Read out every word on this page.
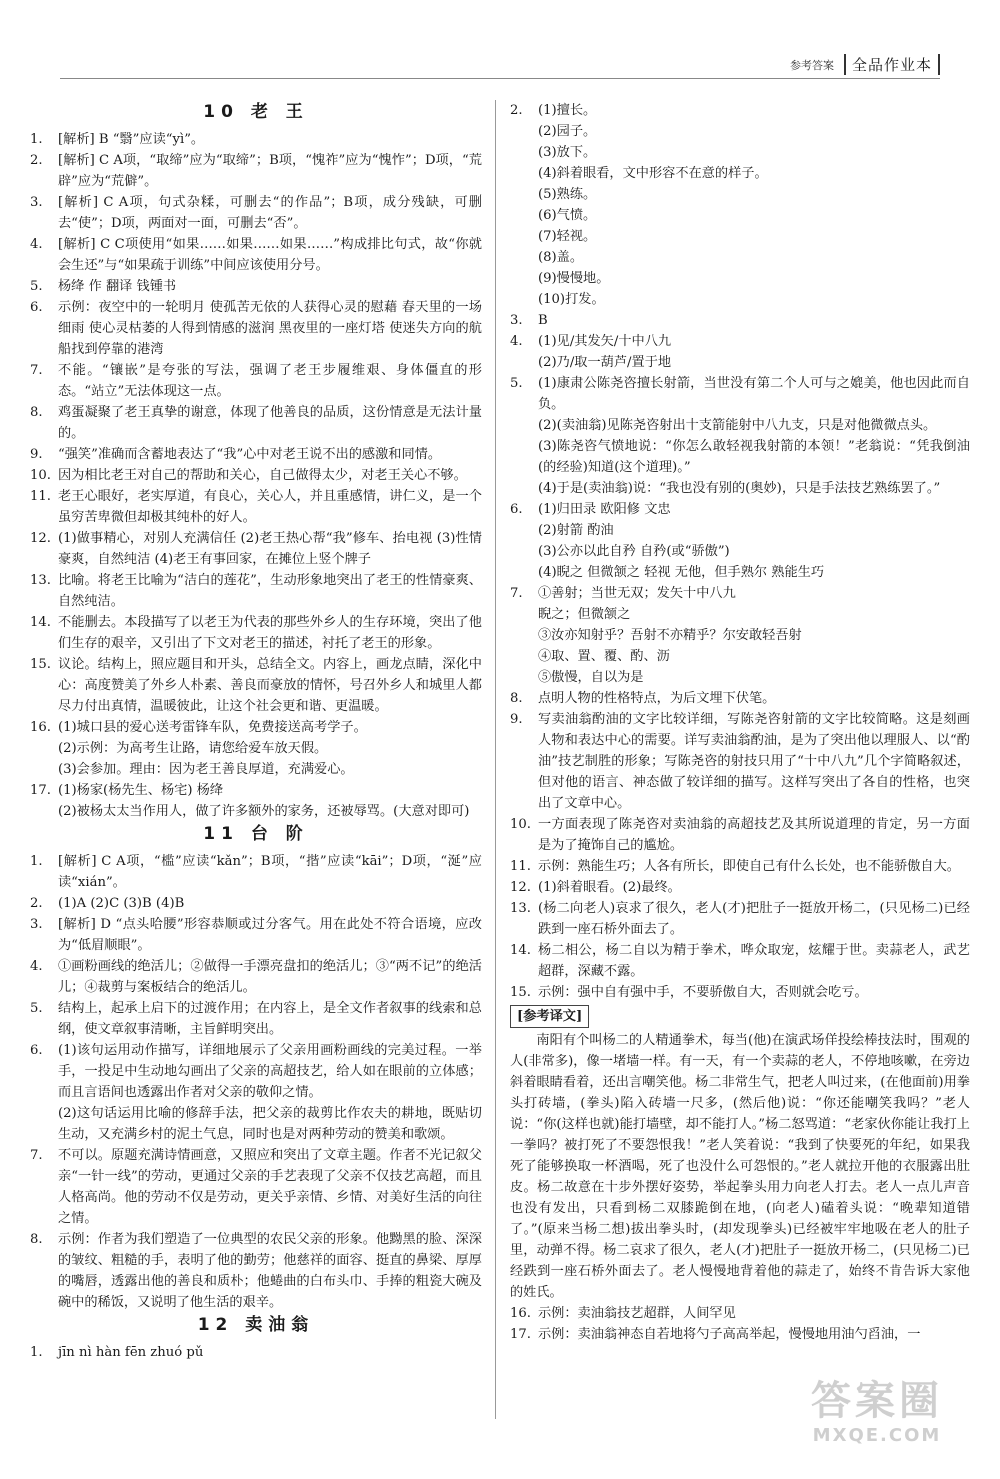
参考答案	全品作业本
10 老 王
1.	[解析] B “翳”应读“yì”。
2.	[解析] C A项，“取缔”应为“取缔”；B项，“愧祚”应为“愧怍”；D项，“荒辟”应为“荒僻”。
3.	[解析] C A项，句式杂糅，可删去“的作品”；B项，成分残缺，可删去“使”；D项，两面对一面，可删去“否”。
4.	[解析] C C项使用“如果……如果……如果……”构成排比句式，故“你就会生还”与“如果疏于训练”中间应该使用分号。
5.	杨绛 作 翻译 钱锺书
6.	示例：夜空中的一轮明月 使孤苦无依的人获得心灵的慰藉 春天里的一场细雨 使心灵枯萎的人得到情感的滋润 黑夜里的一座灯塔 使迷失方向的航船找到停靠的港湾
7.	不能。“镶嵌”是夸张的写法，强调了老王步履维艰、身体僵直的形态。“站立”无法体现这一点。
8.	鸡蛋凝聚了老王真挚的谢意，体现了他善良的品质，这份情意是无法计量的。
9.	“强笑”准确而含蓄地表达了“我”心中对老王说不出的感激和同情。
10. 因为相比老王对自己的帮助和关心，自己做得太少，对老王关心不够。
11. 老王心眼好，老实厚道，有良心，关心人，并且重感情，讲仁义，是一个虽穷苦卑微但却极其纯朴的好人。
12. (1)做事精心，对别人充满信任 (2)老王热心帮“我”修车、抬电视 (3)性情豪爽，自然纯洁 (4)老王有事回家，在摊位上竖个牌子
13. 比喻。将老王比喻为“洁白的莲花”，生动形象地突出了老王的性情豪爽、自然纯洁。
14. 不能删去。本段描写了以老王为代表的那些外乡人的生存环境，突出了他们生存的艰辛，又引出了下文对老王的描述，衬托了老王的形象。
15. 议论。结构上，照应题目和开头，总结全文。内容上，画龙点睛，深化中心：高度赞美了外乡人朴素、善良而豪放的情怀，号召外乡人和城里人都尽力付出真情，温暖彼此，让这个社会更和谐、更温暖。
16. (1)城口县的爱心送考雷锋车队，免费接送高考学子。
(2)示例：为高考生让路，请您给爱车放天假。
(3)会参加。理由：因为老王善良厚道，充满爱心。
17. (1)杨家(杨先生、杨宅) 杨绛
(2)被杨太太当作用人，做了许多额外的家务，还被辱骂。(大意对即可)
11 台 阶
1.	[解析] C A项，“槛”应读“kǎn”；B项，“揩”应读“kāi”；D项，“涎”应读“xián”。
2.	(1)A (2)C (3)B (4)B
3.	[解析] D “点头哈腰”形容恭顺或过分客气。用在此处不符合语境，应改为“低眉顺眼”。
4.	①画粉画线的绝活儿；②做得一手漂亮盘扣的绝活儿；③“两不记”的绝活儿；④裁剪与案板结合的绝活儿。
5.	结构上，起承上启下的过渡作用；在内容上，是全文作者叙事的线索和总纲，使文章叙事清晰，主旨鲜明突出。
6.	(1)该句运用动作描写，详细地展示了父亲用画粉画线的完美过程。一举手，一投足中生动地勾画出了父亲的高超技艺，给人如在眼前的立体感；而且言语间也透露出作者对父亲的敬仰之情。
(2)这句话运用比喻的修辞手法，把父亲的裁剪比作农夫的耕地，既贴切生动，又充满乡村的泥土气息，同时也是对两种劳动的赞美和歌颂。
7.	不可以。原题充满诗情画意，又照应和突出了文章主题。作者不光记叙父亲“一针一线”的劳动，更通过父亲的手艺表现了父亲不仅技艺高超，而且人格高尚。他的劳动不仅是劳动，更关乎亲情、乡情、对美好生活的向往之情。
8.	示例：作者为我们塑造了一位典型的农民父亲的形象。他黝黑的脸、深深的皱纹、粗糙的手，表明了他的勤劳；他慈祥的面容、挺直的鼻梁、厚厚的嘴唇，透露出他的善良和质朴；他蜷曲的白布头巾、手捧的粗瓷大碗及碗中的稀饭，又说明了他生活的艰辛。
12 卖油翁
1.	jīn nì hàn fēn zhuó pǔ
2.	(1)擅长。
(2)园子。
(3)放下。
(4)斜着眼看，文中形容不在意的样子。
(5)熟练。
(6)气愤。
(7)轻视。
(8)盖。
(9)慢慢地。
(10)打发。
3.	B
4.	(1)见/其发矢/十中八九
(2)乃/取一葫芦/置于地
5.	(1)康肃公陈尧咨擅长射箭，当世没有第二个人可与之媲美，他也因此而自负。
(2)(卖油翁)见陈尧咨射出十支箭能射中八九支，只是对他微微点头。
(3)陈尧咨气愤地说：“你怎么敢轻视我射箭的本领！”老翁说：“凭我倒油(的经验)知道(这个道理)。”
(4)于是(卖油翁)说：“我也没有别的(奥妙)，只是手法技艺熟练罢了。”
6.	(1)归田录 欧阳修 文忠
(2)射箭 酌油
(3)公亦以此自矜 自矜(或“骄傲”)
(4)睨之 但微颔之 轻视 无他，但手熟尔 熟能生巧
7.	①善射；当世无双；发矢十中八九
睨之；但微颔之
③汝亦知射乎？吾射不亦精乎？尔安敢轻吾射
④取、置、覆、酌、沥
⑤傲慢，自以为是
8.	点明人物的性格特点，为后文埋下伏笔。
9.	写卖油翁酌油的文字比较详细，写陈尧咨射箭的文字比较简略。这是刻画人物和表达中心的需要。详写卖油翁酌油，是为了突出他以理服人、以“酌油”技艺制胜的形象；写陈尧咨的射技只用了“十中八九”几个字简略叙述，但对他的语言、神态做了较详细的描写。这样写突出了各自的性格，也突出了文章中心。
10. 一方面表现了陈尧咨对卖油翁的高超技艺及其所说道理的肯定，另一方面是为了掩饰自己的尴尬。
11. 示例：熟能生巧；人各有所长，即使自己有什么长处，也不能骄傲自大。
12. (1)斜着眼看。(2)最终。
13. (杨二向老人)哀求了很久，老人(才)把肚子一挺放开杨二，(只见杨二)已经跌到一座石桥外面去了。
14. 杨二相公，杨二自以为精于拳术，哗众取宠，炫耀于世。卖蒜老人，武艺超群，深藏不露。
15. 示例：强中自有强中手，不要骄傲自大，否则就会吃亏。
[参考译文]
南阳有个叫杨二的人精通拳术，每当(他)在演武场佯投绘棒技法时，围观的人(非常多)，像一堵墙一样。有一天，有一个卖蒜的老人，不停地咳嗽，在旁边斜着眼睛看着，还出言嘲笑他。杨二非常生气，把老人叫过来，(在他面前)用拳头打砖墙，(拳头)陷入砖墙一尺多，(然后他)说：“你还能嘲笑我吗？”老人说：“你(这样也就)能打墙壁，却不能打人。”杨二怒骂道：“老家伙你能让我打上一拳吗？被打死了不要怨恨我！”老人笑着说：“我到了快要死的年纪，如果我死了能够换取一杯酒喝，死了也没什么可怨恨的。”老人就拉开他的衣服露出肚皮。杨二故意在十步外摆好姿势，举起拳头用力向老人打去。老人一点儿声音也没有发出，只看到杨二双膝跪倒在地，(向老人)磕着头说：“晚辈知道错了。”(原来当杨二想)拔出拳头时，(却发现拳头)已经被牢牢地吸在老人的肚子里，动弹不得。杨二哀求了很久，老人(才)把肚子一挺放开杨二，(只见杨二)已经跌到一座石桥外面去了。老人慢慢地背着他的蒜走了，始终不肯告诉大家他的姓氏。
16. 示例：卖油翁技艺超群，人间罕见
17. 示例：卖油翁神态自若地将勺子高高举起，慢慢地用油勺舀油，一
答案圈
MXQE.COM
